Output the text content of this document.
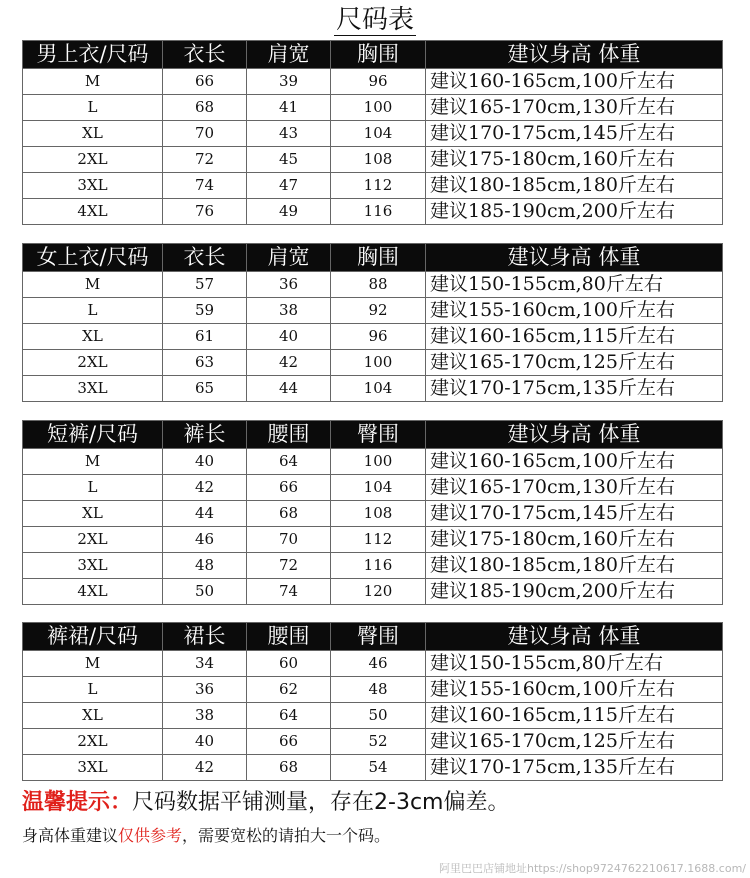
尺码表
男上衣/尺码	衣长	肩宽	胸围	建议身高 体重
M	66	39	96	建议160-165cm,100斤左右
L	68	41	100	建议165-170cm,130斤左右
XL	70	43	104	建议170-175cm,145斤左右
2XL	72	45	108	建议175-180cm,160斤左右
3XL	74	47	112	建议180-185cm,180斤左右
4XL	76	49	116	建议185-190cm,200斤左右
女上衣/尺码	衣长	肩宽	胸围	建议身高 体重
M	57	36	88	建议150-155cm,80斤左右
L	59	38	92	建议155-160cm,100斤左右
XL	61	40	96	建议160-165cm,115斤左右
2XL	63	42	100	建议165-170cm,125斤左右
3XL	65	44	104	建议170-175cm,135斤左右
短裤/尺码	裤长	腰围	臀围	建议身高 体重
M	40	64	100	建议160-165cm,100斤左右
L	42	66	104	建议165-170cm,130斤左右
XL	44	68	108	建议170-175cm,145斤左右
2XL	46	70	112	建议175-180cm,160斤左右
3XL	48	72	116	建议180-185cm,180斤左右
4XL	50	74	120	建议185-190cm,200斤左右
裤裙/尺码	裙长	腰围	臀围	建议身高 体重
M	34	60	46	建议150-155cm,80斤左右
L	36	62	48	建议155-160cm,100斤左右
XL	38	64	50	建议160-165cm,115斤左右
2XL	40	66	52	建议165-170cm,125斤左右
3XL	42	68	54	建议170-175cm,135斤左右
温馨提示：尺码数据平铺测量，存在2-3cm偏差。
身高体重建议仅供参考，需要宽松的请拍大一个码。
阿里巴巴店铺地址https://shop9724762210617.1688.com/
